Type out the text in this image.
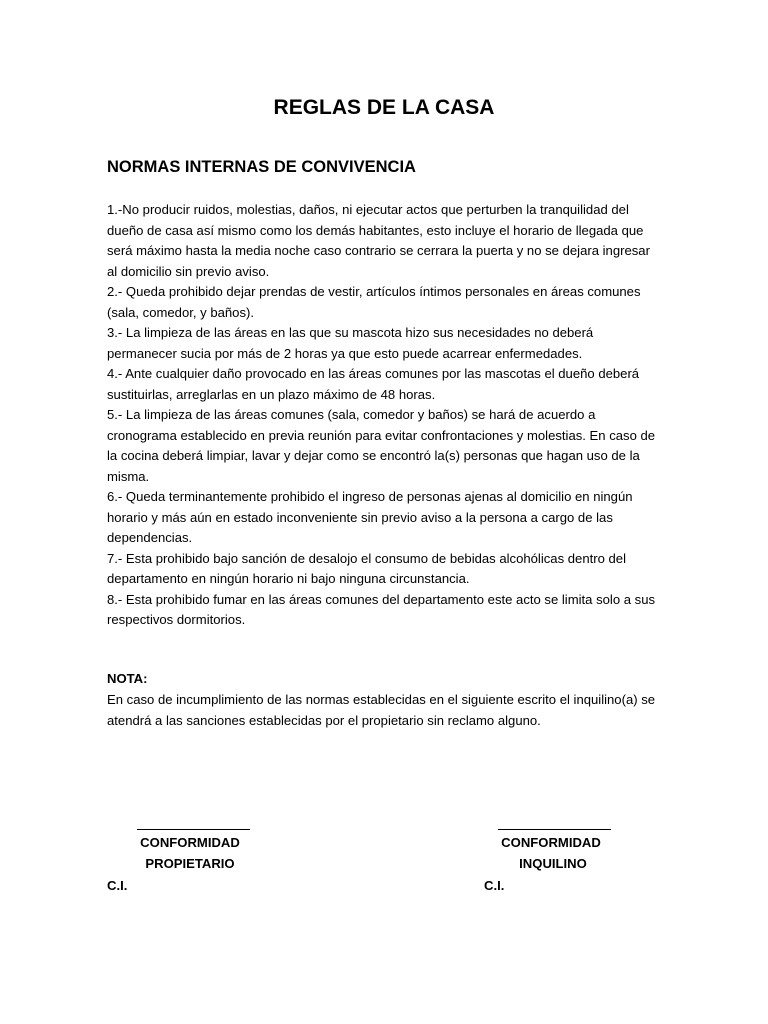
REGLAS DE LA CASA
NORMAS INTERNAS DE CONVIVENCIA
1.-No producir ruidos, molestias, daños, ni ejecutar actos que perturben la tranquilidad del dueño de casa así mismo como los demás habitantes, esto incluye el horario de llegada que será máximo hasta la media noche caso contrario se cerrara la puerta y no se dejara ingresar al domicilio sin previo aviso.
2.- Queda prohibido dejar prendas de vestir, artículos íntimos personales en áreas comunes (sala, comedor, y baños).
3.- La limpieza de las áreas en las que su mascota hizo sus necesidades no deberá permanecer sucia por más de 2 horas ya que esto puede acarrear enfermedades.
4.- Ante cualquier daño provocado en las áreas comunes por las mascotas el dueño deberá sustituirlas, arreglarlas en un plazo máximo de 48 horas.
5.- La limpieza de las áreas comunes (sala, comedor y baños) se hará de acuerdo a cronograma establecido en previa reunión para evitar confrontaciones y molestias. En caso de la cocina deberá limpiar, lavar y dejar como se encontró la(s) personas que hagan uso de la misma.
6.- Queda terminantemente prohibido el ingreso de personas ajenas al domicilio en ningún horario y más aún en estado inconveniente sin previo aviso a la persona a cargo de las dependencias.
7.- Esta prohibido bajo sanción de desalojo el consumo de bebidas alcohólicas dentro del departamento en ningún horario ni bajo ninguna circunstancia.
8.- Esta prohibido fumar en las áreas comunes del departamento este acto se limita solo a sus respectivos dormitorios.
NOTA:
En caso de incumplimiento de las normas establecidas en el siguiente escrito el inquilino(a) se atendrá a las sanciones establecidas por el propietario sin reclamo alguno.
CONFORMIDAD
PROPIETARIO
C.I.
CONFORMIDAD
INQUILINO
C.I.
